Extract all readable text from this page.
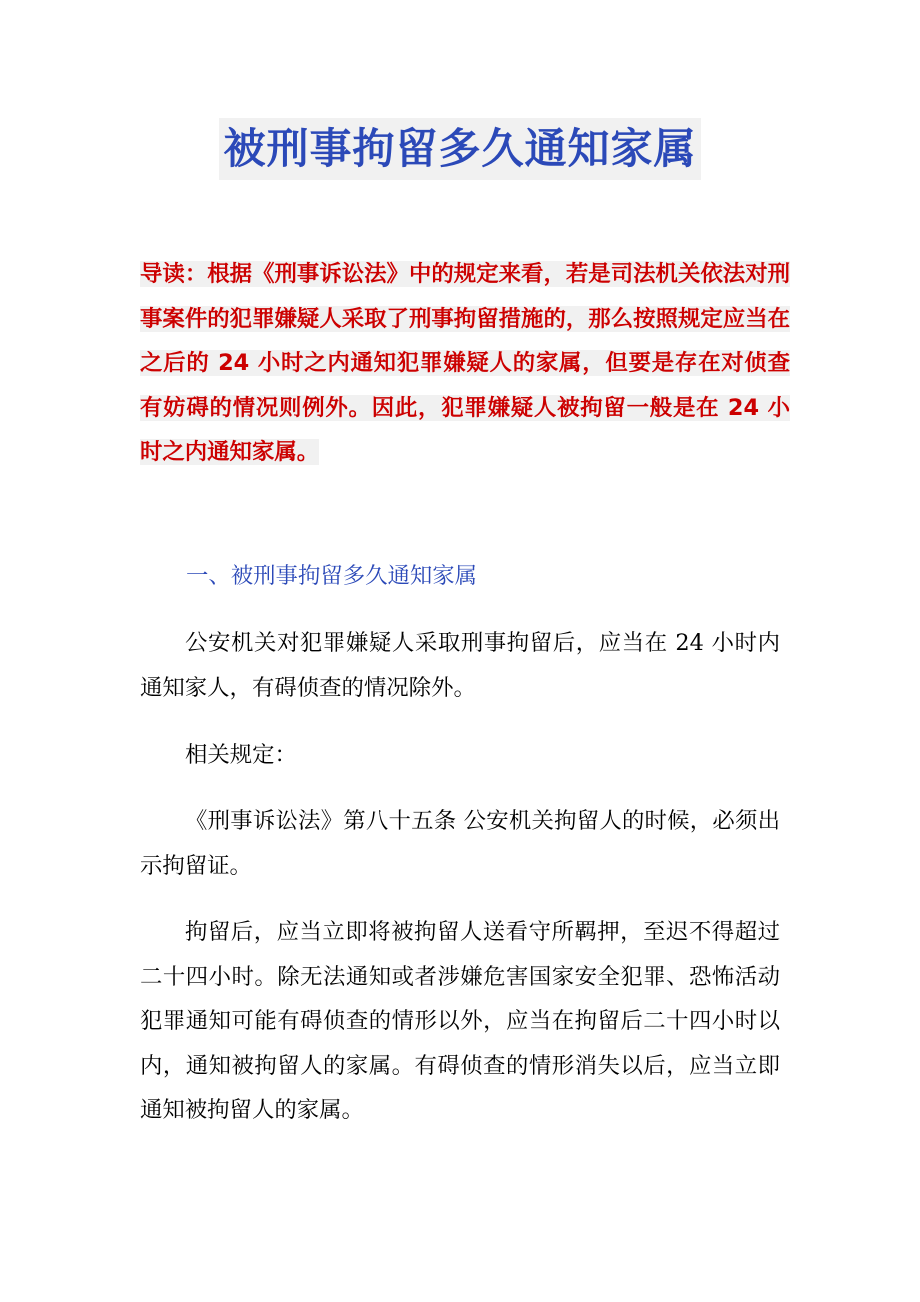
被刑事拘留多久通知家属
导读：根据《刑事诉讼法》中的规定来看，若是司法机关依法对刑事案件的犯罪嫌疑人采取了刑事拘留措施的，那么按照规定应当在之后的 24 小时之内通知犯罪嫌疑人的家属，但要是存在对侦查有妨碍的情况则例外。因此，犯罪嫌疑人被拘留一般是在 24 小时之内通知家属。
一、被刑事拘留多久通知家属

公安机关对犯罪嫌疑人采取刑事拘留后，应当在 24 小时内通知家人，有碍侦查的情况除外。

相关规定：

《刑事诉讼法》第八十五条 公安机关拘留人的时候，必须出示拘留证。

拘留后，应当立即将被拘留人送看守所羁押，至迟不得超过二十四小时。除无法通知或者涉嫌危害国家安全犯罪、恐怖活动犯罪通知可能有碍侦查的情形以外，应当在拘留后二十四小时以内，通知被拘留人的家属。有碍侦查的情形消失以后，应当立即通知被拘留人的家属。
